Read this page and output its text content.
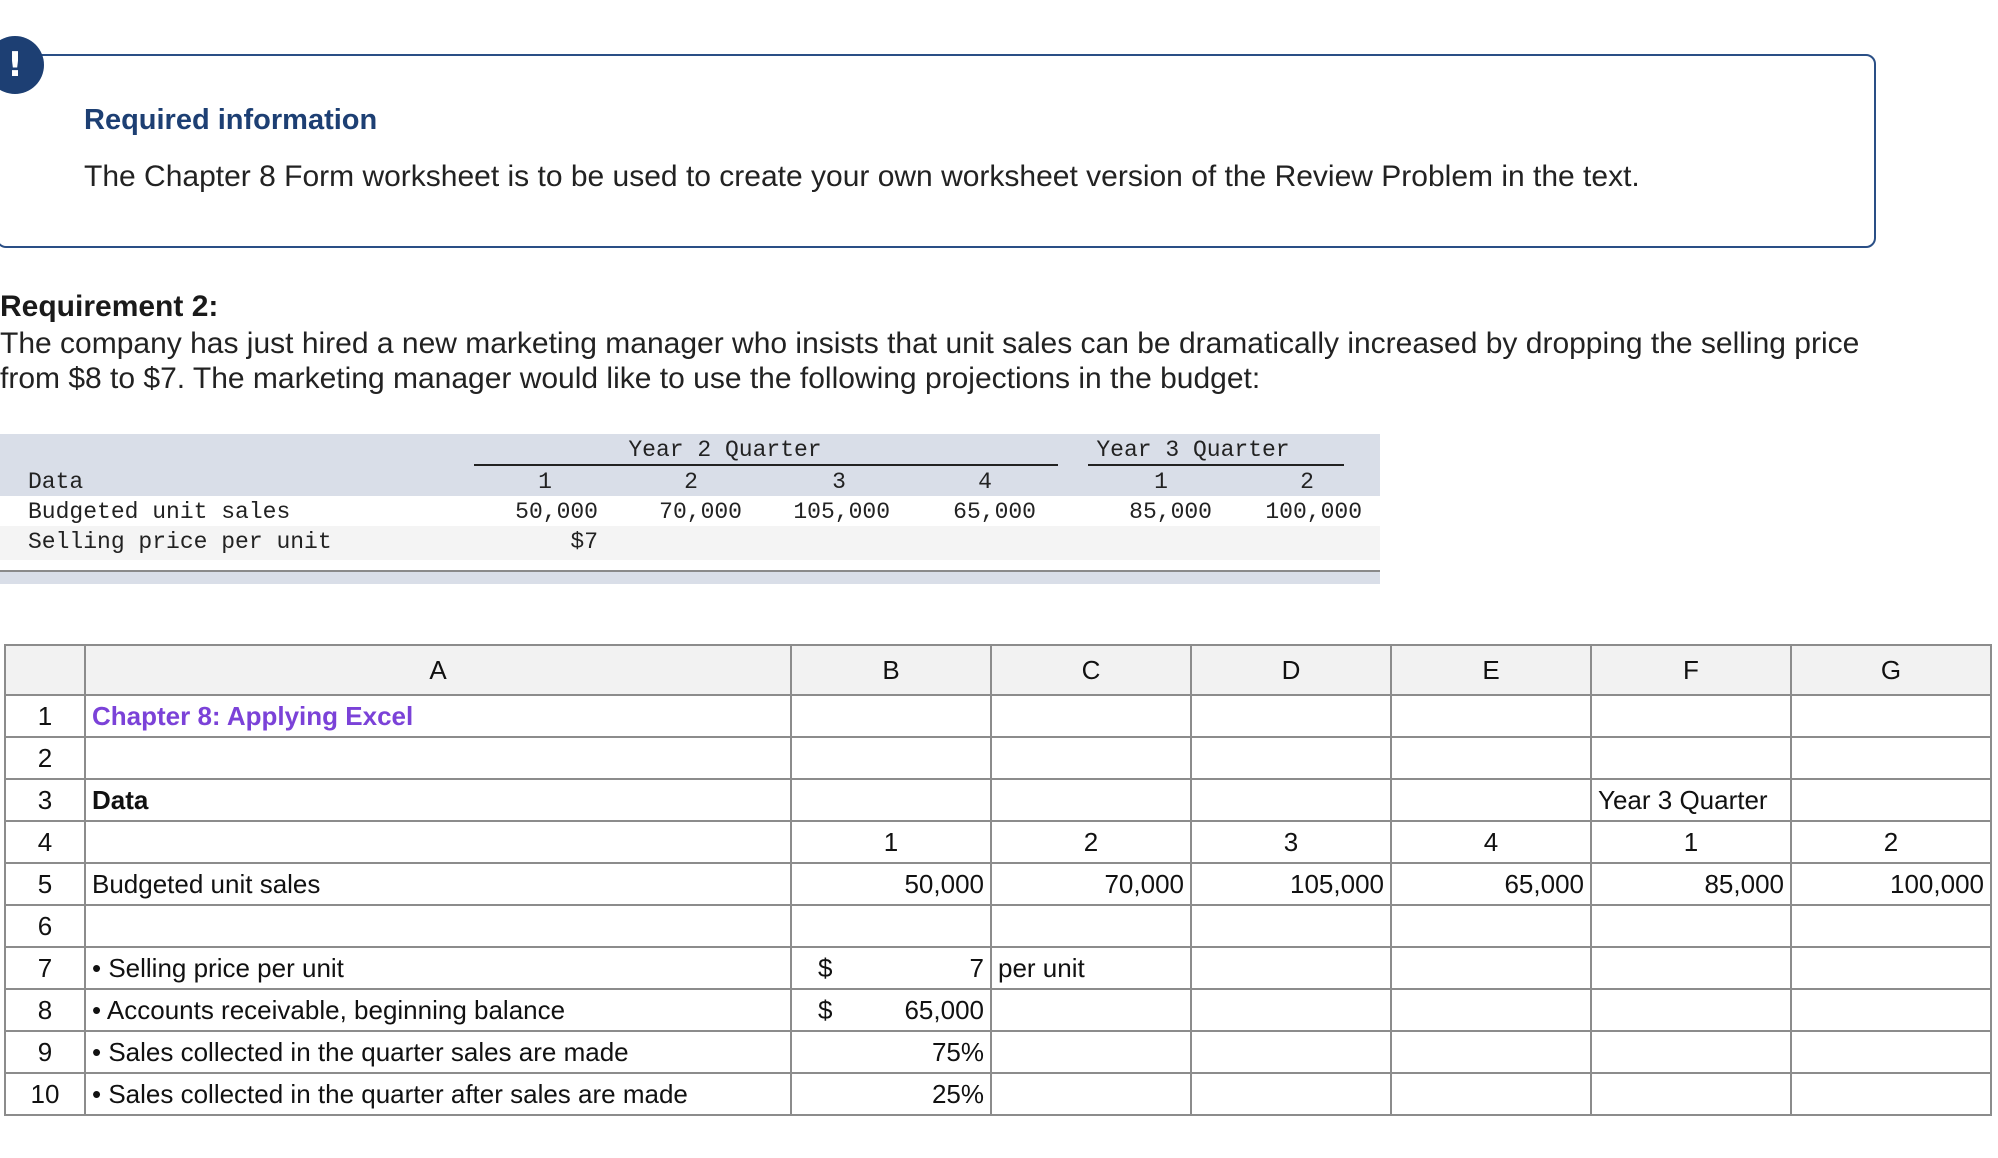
!
Required information

The Chapter 8 Form worksheet is to be used to create your own worksheet version of the Review Problem in the text.

Requirement 2:

The company has just hired a new marketing manager who insists that unit sales can be dramatically increased by dropping the selling price from $8 to $7. The marketing manager would like to use the following projections in the budget:

Year 2 Quarter	Year 3 Quarter
Data	1	2	3	4	1	2
Budgeted unit sales	50,000	70,000	105,000	65,000	85,000	100,000
Selling price per unit	$7
	A	B	C	D	E	F	G
1	Chapter 8: Applying Excel						
2							
3	Data					Year 3 Quarter	
4		1	2	3	4	1	2
5	Budgeted unit sales	50,000	70,000	105,000	65,000	85,000	100,000
6							
7	• Selling price per unit	$ 7	per unit				
8	• Accounts receivable, beginning balance	$ 65,000					

9	• Sales collected in the quarter sales are made	75%					
10	• Sales collected in the quarter after sales are made	25%					
